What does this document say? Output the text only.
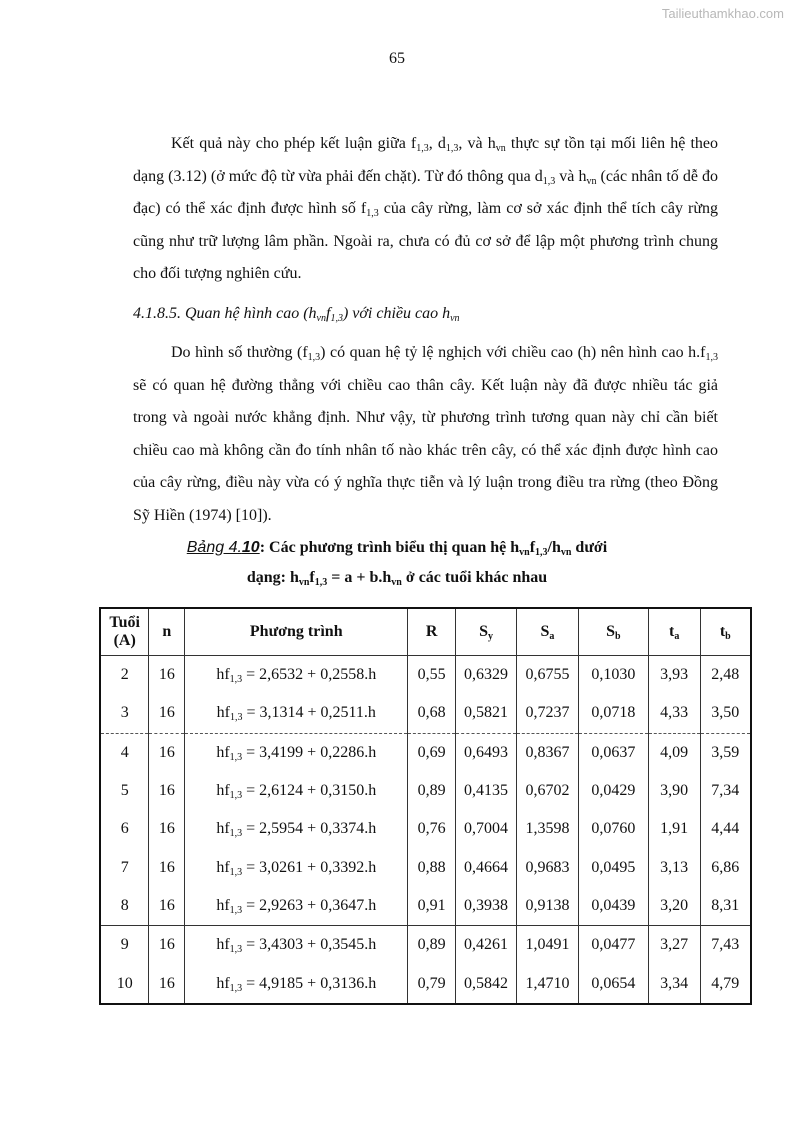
Tailieuthamkhao.com
65

Kết quả này cho phép kết luận giữa $f_{1,3}$, $d_{1,3}$, và $h_{vn}$ thực sự tồn tại mối liên hệ theo dạng (3.12) (ở mức độ từ vừa phải đến chặt). Từ đó thông qua $d_{1,3}$ và $h_{vn}$ (các nhân tố dễ đo đạc) có thể xác định được hình số $f_{1,3}$ của cây rừng, làm cơ sở xác định thể tích cây rừng cũng như trữ lượng lâm phần. Ngoài ra, chưa có đủ cơ sở để lập một phương trình chung cho đối tượng nghiên cứu.

4.1.8.5. Quan hệ hình cao $(h_{vn}f_{1,3})$ với chiều cao $h_{vn}$

Do hình số thường $(f_{1,3})$ có quan hệ tỷ lệ nghịch với chiều cao (h) nên hình cao $h.f_{1,3}$ sẽ có quan hệ đường thẳng với chiều cao thân cây. Kết luận này đã được nhiều tác giả trong và ngoài nước khẳng định. Như vậy, từ phương trình tương quan này chỉ cần biết chiều cao mà không cần đo tính nhân tố nào khác trên cây, có thể xác định được hình cao của cây rừng, điều này vừa có ý nghĩa thực tiễn và lý luận trong điều tra rừng (theo Đồng Sỹ Hiền (1974) [10]).

Bảng 4.10: Các phương trình biểu thị quan hệ $h_{vn}f_{1,3}/h_{vn}$ dưới
dạng: $h_{vn}f_{1,3} = a + b.h_{vn}$ ở các tuổi khác nhau
Tuổi
(A)	n	Phương trình	R	$S_y$	$S_a$	$S_b$	$t_a$	$t_b$
2	16	$hf_{1,3} = 2,6532 + 0,2558.h$	0,55	0,6329	0,6755	0,1030	3,93	2,48
3	16	$hf_{1,3} = 3,1314 + 0,2511.h$	0,68	0,5821	0,7237	0,0718	4,33	3,50
4	16	$hf_{1,3} = 3,4199 + 0,2286.h$	0,69	0,6493	0,8367	0,0637	4,09	3,59
5	16	$hf_{1,3} = 2,6124 + 0,3150.h$	0,89	0,4135	0,6702	0,0429	3,90	7,34
6	16	$hf_{1,3} = 2,5954 + 0,3374.h$	0,76	0,7004	1,3598	0,0760	1,91	4,44
7	16	$hf_{1,3} = 3,0261 + 0,3392.h$	0,88	0,4664	0,9683	0,0495	3,13	6,86
8	16	$hf_{1,3} = 2,9263 + 0,3647.h$	0,91	0,3938	0,9138	0,0439	3,20	8,31
9	16	$hf_{1,3} = 3,4303 + 0,3545.h$	0,89	0,4261	1,0491	0,0477	3,27	7,43
10	16	$hf_{1,3} = 4,9185 + 0,3136.h$	0,79	0,5842	1,4710	0,0654	3,34	4,79
